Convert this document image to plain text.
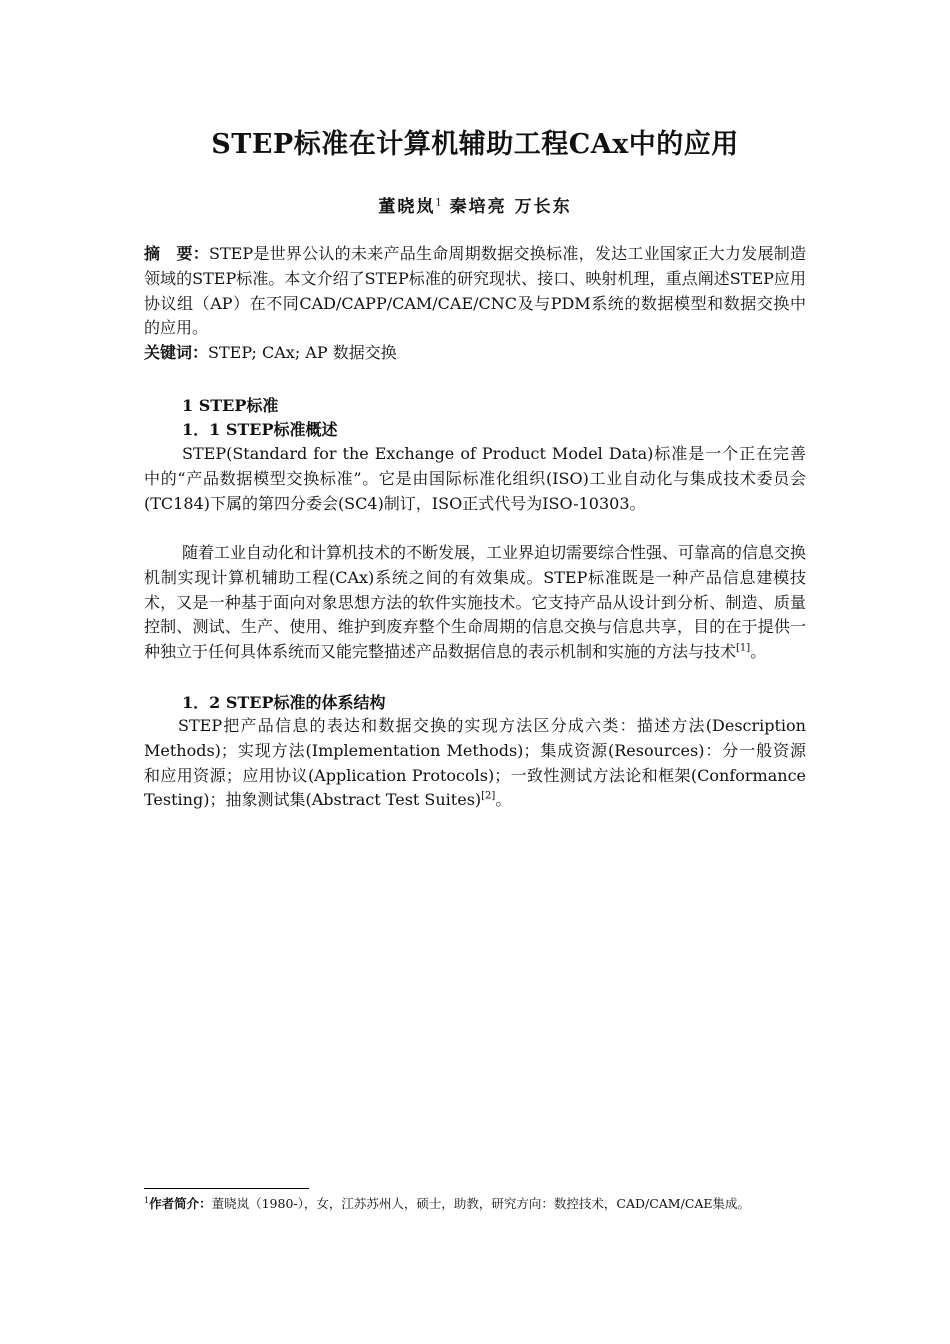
STEP标准在计算机辅助工程CAx中的应用
董晓岚$^1$ 秦培亮 万长东
摘　要：STEP是世界公认的未来产品生命周期数据交换标准，发达工业国家正大力发展制造领域的STEP标准。本文介绍了STEP标准的研究现状、接口、映射机理，重点阐述STEP应用协议组（AP）在不同CAD/CAPP/CAM/CAE/CNC及与PDM系统的数据模型和数据交换中的应用。
关键词：STEP; CAx; AP 数据交换
1 STEP标准
1．1 STEP标准概述
STEP(Standard for the Exchange of Product Model Data)标准是一个正在完善中的“产品数据模型交换标准”。它是由国际标准化组织(ISO)工业自动化与集成技术委员会(TC184)下属的第四分委会(SC4)制订，ISO正式代号为ISO-10303。
随着工业自动化和计算机技术的不断发展，工业界迫切需要综合性强、可靠高的信息交换机制实现计算机辅助工程(CAx)系统之间的有效集成。STEP标准既是一种产品信息建模技术，又是一种基于面向对象思想方法的软件实施技术。它支持产品从设计到分析、制造、质量控制、测试、生产、使用、维护到废弃整个生命周期的信息交换与信息共享，目的在于提供一种独立于任何具体系统而又能完整描述产品数据信息的表示机制和实施的方法与技术[1]。
1．2 STEP标准的体系结构
STEP把产品信息的表达和数据交换的实现方法区分成六类：描述方法(Description Methods)；实现方法(Implementation Methods)；集成资源(Resources)：分一般资源和应用资源；应用协议(Application Protocols)；一致性测试方法论和框架(Conformance Testing)；抽象测试集(Abstract Test Suites)[2]。
$^1$作者简介：董晓岚（1980-），女，江苏苏州人，硕士，助教，研究方向：数控技术，CAD/CAM/CAE集成。
